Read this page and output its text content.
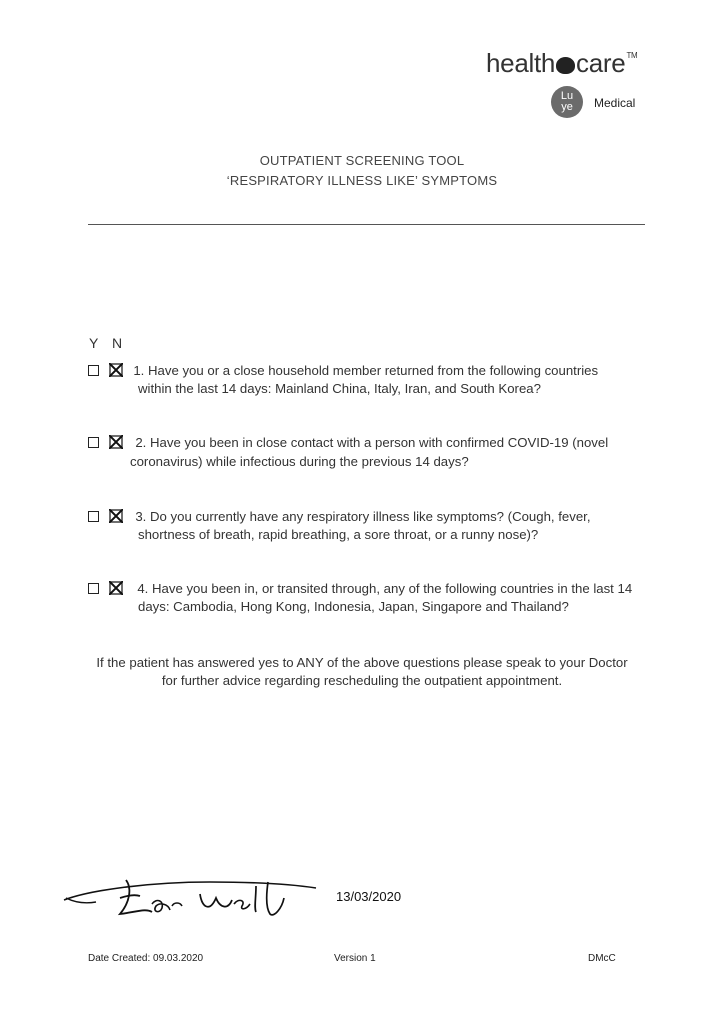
health care™
Lu
ye	Medical
OUTPATIENT SCREENING TOOL
‘RESPIRATORY ILLNESS LIKE’ SYMPTOMS
Y N
1. Have you or a close household member returned from the following countries
within the last 14 days: Mainland China, Italy, Iran, and South Korea?
2. Have you been in close contact with a person with confirmed COVID-19 (novel
coronavirus) while infectious during the previous 14 days?
3. Do you currently have any respiratory illness like symptoms? (Cough, fever,
shortness of breath, rapid breathing, a sore throat, or a runny nose)?
4. Have you been in, or transited through, any of the following countries in the last 14
days: Cambodia, Hong Kong, Indonesia, Japan, Singapore and Thailand?
If the patient has answered yes to ANY of the above questions please speak to your Doctor
for further advice regarding rescheduling the outpatient appointment.
13/03/2020
Date Created: 09.03.2020	Version 1	DMcC
